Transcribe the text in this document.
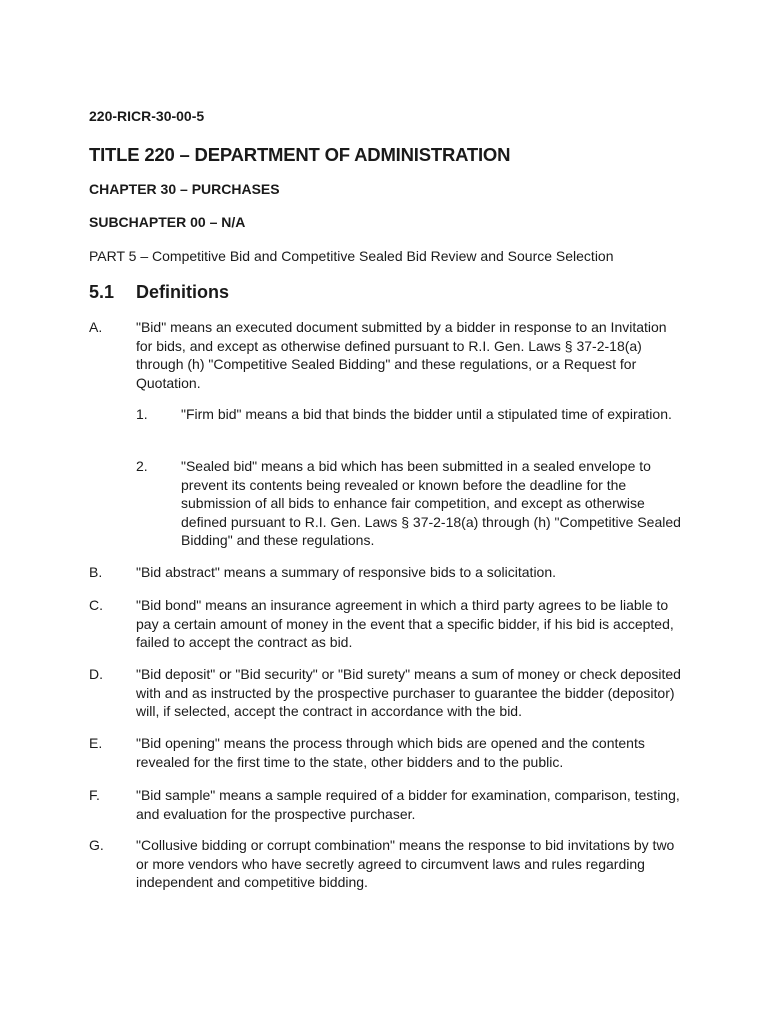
220-RICR-30-00-5
TITLE 220 – DEPARTMENT OF ADMINISTRATION
CHAPTER 30 – PURCHASES
SUBCHAPTER 00 – N/A
PART 5 – Competitive Bid and Competitive Sealed Bid Review and Source Selection
5.1 Definitions
A.	"Bid" means an executed document submitted by a bidder in response to an Invitation for bids, and except as otherwise defined pursuant to R.I. Gen. Laws § 37-2-18(a) through (h) "Competitive Sealed Bidding" and these regulations, or a Request for Quotation.
1.	"Firm bid" means a bid that binds the bidder until a stipulated time of expiration.
2.	"Sealed bid" means a bid which has been submitted in a sealed envelope to prevent its contents being revealed or known before the deadline for the submission of all bids to enhance fair competition, and except as otherwise defined pursuant to R.I. Gen. Laws § 37-2-18(a) through (h) "Competitive Sealed Bidding" and these regulations.
B.	"Bid abstract" means a summary of responsive bids to a solicitation.
C.	"Bid bond" means an insurance agreement in which a third party agrees to be liable to pay a certain amount of money in the event that a specific bidder, if his bid is accepted, failed to accept the contract as bid.
D.	"Bid deposit" or "Bid security" or "Bid surety" means a sum of money or check deposited with and as instructed by the prospective purchaser to guarantee the bidder (depositor) will, if selected, accept the contract in accordance with the bid.
E.	"Bid opening" means the process through which bids are opened and the contents revealed for the first time to the state, other bidders and to the public.
F.	"Bid sample" means a sample required of a bidder for examination, comparison, testing, and evaluation for the prospective purchaser.
G.	"Collusive bidding or corrupt combination" means the response to bid invitations by two or more vendors who have secretly agreed to circumvent laws and rules regarding independent and competitive bidding.
